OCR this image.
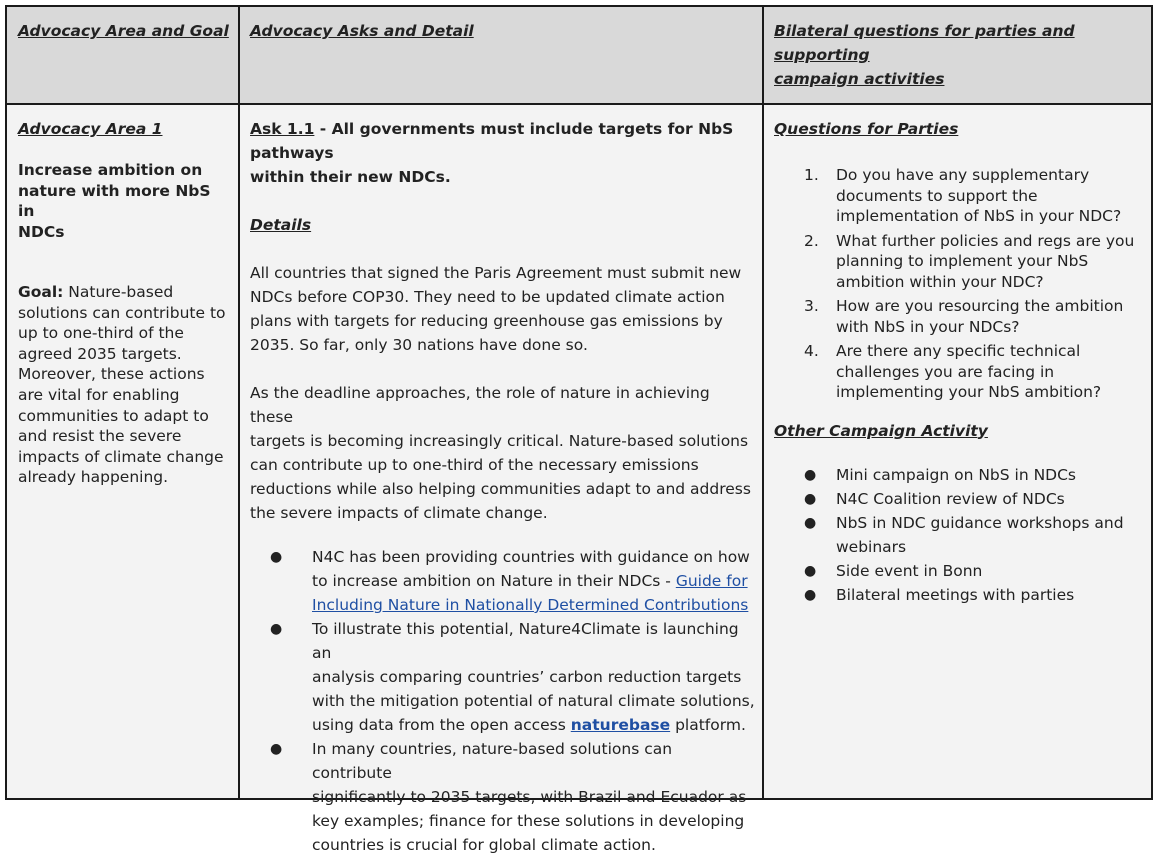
Advocacy Area and Goal Advocacy Asks and Detail	Bilateral questions for parties and supporting
campaign activities
Advocacy Area 1
Increase ambition on
nature with more NbS in
NDCs
Goal: Nature-based
solutions can contribute to
up to one-third of the
agreed 2035 targets.
Moreover, these actions
are vital for enabling
communities to adapt to
and resist the severe
impacts of climate change
already happening.
Ask 1.1 - All governments must include targets for NbS pathways
within their new NDCs.
Details
All countries that signed the Paris Agreement must submit new
NDCs before COP30. They need to be updated climate action
plans with targets for reducing greenhouse gas emissions by
2035. So far, only 30 nations have done so.
As the deadline approaches, the role of nature in achieving these
targets is becoming increasingly critical. Nature-based solutions
can contribute up to one-third of the necessary emissions
reductions while also helping communities adapt to and address
the severe impacts of climate change.
● N4C has been providing countries with guidance on how
to increase ambition on Nature in their NDCs - Guide for
Including Nature in Nationally Determined Contributions
● To illustrate this potential, Nature4Climate is launching an
analysis comparing countries’ carbon reduction targets
with the mitigation potential of natural climate solutions,
using data from the open access naturebase platform.
● In many countries, nature-based solutions can contribute
significantly to 2035 targets, with Brazil and Ecuador as
key examples; finance for these solutions in developing
countries is crucial for global climate action.
Questions for Parties
1. Do you have any supplementary
documents to support the
implementation of NbS in your NDC?
2. What further policies and regs are you
planning to implement your NbS
ambition within your NDC?
3. How are you resourcing the ambition
with NbS in your NDCs?
4. Are there any specific technical
challenges you are facing in
implementing your NbS ambition?
Other Campaign Activity
● Mini campaign on NbS in NDCs
● N4C Coalition review of NDCs
● NbS in NDC guidance workshops and
webinars
● Side event in Bonn
● Bilateral meetings with parties
